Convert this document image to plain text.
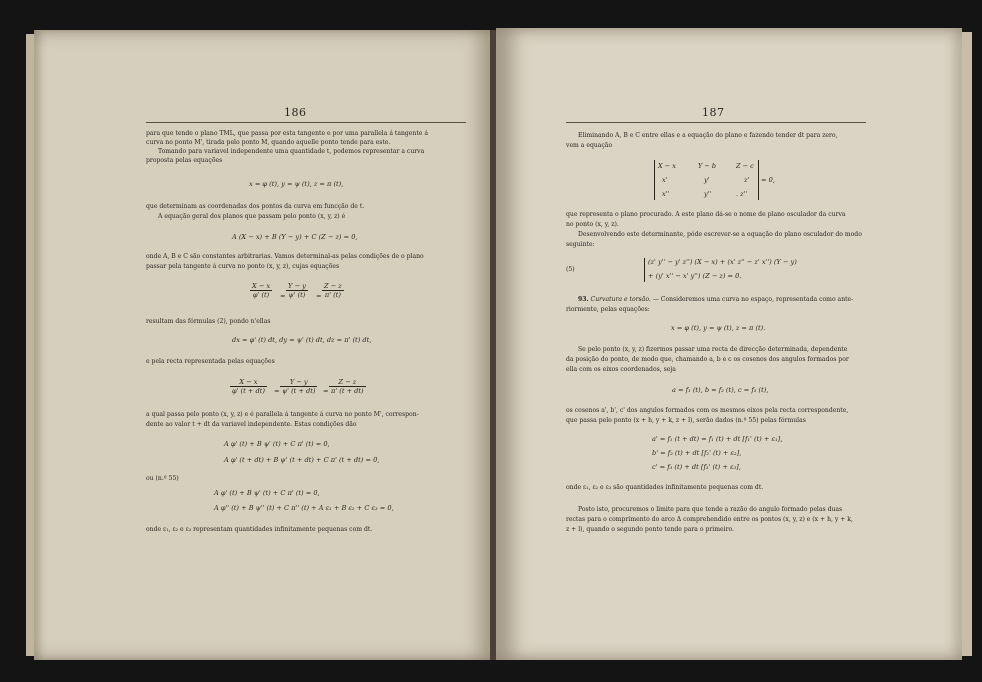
186
para que tende o plano TML, que passa por esta tangente e por uma parallela á tangente á
curva no ponto M', tirada pelo ponto M, quando aquelle ponto tende para este.
Tomando para variavel independente uma quantidade t, podemos representar a curva
proposta pelas equações
x = φ (t), y = ψ (t), z = π (t),
que determinam as coordenadas dos pontos da curva em funcção de t.
A equação geral dos planos que passam pelo ponto (x, y, z) é
A (X − x) + B (Y − y) + C (Z − z) = 0,
onde A, B e C são constantes arbitrarias. Vamos determinal-as pelas condições de o plano
passar pela tangente á curva no ponto (x, y, z), cujas equações
$\frac{X - x}{\varphi' (t)} = \frac{Y - y}{\psi' (t)} = \frac{Z - z}{\pi' (t)}$
resultam das fórmulas (2), pondo n'ellas
dx = φ' (t) dt, dy = ψ' (t) dt, dz = π' (t) dt,
e pela recta representada pelas equações
$\frac{X - x}{\varphi' (t + dt)} = \frac{Y - y}{\psi' (t + dt)} = \frac{Z - z}{\pi' (t + dt)}$
a qual passa pelo ponto (x, y, z) e é parallela á tangente á curva no ponto M', correspon-
dente ao valor t + dt da variavel independente. Estas condições dão
A φ' (t) + B ψ' (t) + C π' (t) = 0,
A φ' (t + dt) + B ψ' (t + dt) + C π' (t + dt) = 0,
ou (n.º 55)
A φ' (t) + B ψ' (t) + C π' (t) = 0,
A φ'' (t) + B ψ'' (t) + C π'' (t) + A ε₁ + B ε₂ + C ε₃ = 0,
onde ε₁, ε₂ e ε₃ representam quantidades infinitamente pequenas com dt.
187
Eliminando A, B e C entre ellas e a equação do plano e fazendo tender dt para zero,
vem a equação
X − x	Y − b	Z − c
x'	y'	z'
x''	y''	. z''
= 0,
que representa o plano procurado. A este plano dá-se o nome de plano osculador da curva
no ponto (x, y, z).
Desenvolvendo este determinante, póde escrever-se a equação do plano osculador do modo
seguinte:
(5)
(z' y'' − y' z'') (X − x) + (x' z'' − z' x'') (Y − y)
+ (y' x'' − x' y'') (Z − z) = 0.
93. Curvatura e torsão. — Consideremos uma curva no espaço, representada como ante-
riormente, pelas equações:
x = φ (t), y = ψ (t), z = π (t).
Se pelo ponto (x, y, z) fizermos passar uma recta de direcção determinada, dependente
da posição do ponto, de modo que, chamando a, b e c os cosenos dos angulos formados por
ella com os eixos coordenados, seja
a = f₁ (t), b = f₂ (t), c = f₃ (t),
os cosenos a', b', c' dos angulos formados com os mesmos eixos pela recta correspondente,
que passa pelo ponto (x + h, y + k, z + l), serão dados (n.º 55) pelas fórmulas
a' = f₁ (t + dt) = f₁ (t) + dt [f₁' (t) + ε₁],
b' = f₂ (t) + dt [f₂' (t) + ε₂],
c' = f₃ (t) + dt [f₃' (t) + ε₃],
onde ε₁, ε₂ e ε₃ são quantidades infinitamente pequenas com dt.
Posto isto, procuremos o limite para que tende a razão do angulo formado pelas duas
rectas para o comprimento do arco Δ comprehendido entre os pontos (x, y, z) e (x + h, y + k,
z + l), quando o segundo ponto tende para o primeiro.
